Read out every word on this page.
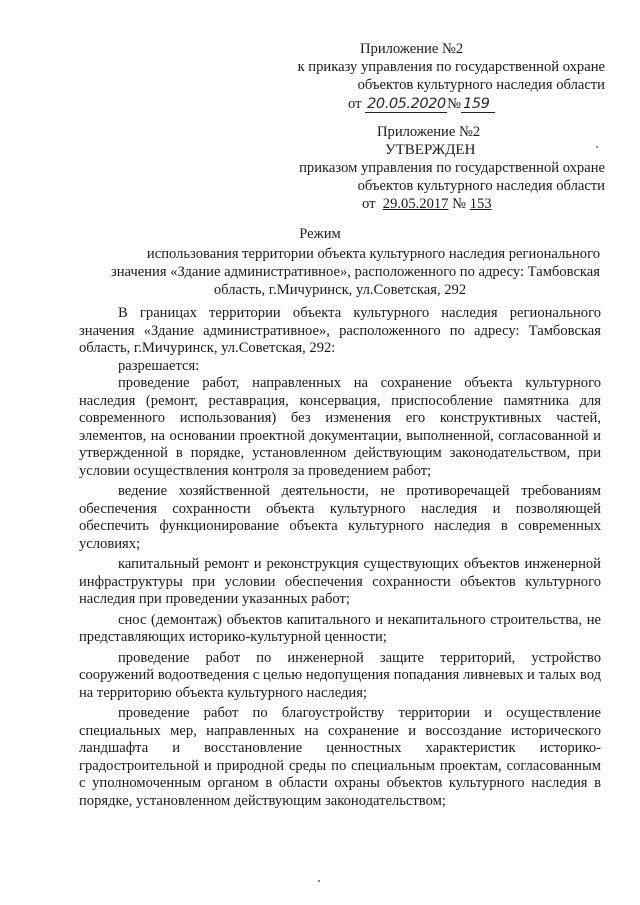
Приложение №2
к приказу управления по государственной охране
объектов культурного наследия области
от 20.05.2020№ 159
Приложение №2
УТВЕРЖДЕН
приказом управления по государственной охране
объектов культурного наследия области
от 29.05.2017 № 153
Режим
использования территории объекта культурного наследия регионального
значения «Здание административное», расположенного по адресу: Тамбовская
область, г.Мичуринск, ул.Советская, 292

В границах территории объекта культурного наследия регионального значения «Здание административное», расположенного по адресу: Тамбовская область, г.Мичуринск, ул.Советская, 292:

разрешается:

проведение работ, направленных на сохранение объекта культурного наследия (ремонт, реставрация, консервация, приспособление памятника для современного использования) без изменения его конструктивных частей, элементов, на основании проектной документации, выполненной, согласованной и утвержденной в порядке, установленном действующим законодательством, при условии осуществления контроля за проведением работ;

ведение хозяйственной деятельности, не противоречащей требованиям обеспечения сохранности объекта культурного наследия и позволяющей обеспечить функционирование объекта культурного наследия в современных условиях;

капитальный ремонт и реконструкция существующих объектов инженерной инфраструктуры при условии обеспечения сохранности объектов культурного наследия при проведении указанных работ;

снос (демонтаж) объектов капитального и некапитального строительства, не представляющих историко-культурной ценности;

проведение работ по инженерной защите территорий, устройство сооружений водоотведения с целью недопущения попадания ливневых и талых вод на территорию объекта культурного наследия;

проведение работ по благоустройству территории и осуществление специальных мер, направленных на сохранение и воссоздание исторического ландшафта и восстановление ценностных характеристик историко-градостроительной и природной среды по специальным проектам, согласованным с уполномоченным органом в области охраны объектов культурного наследия в порядке, установленном действующим законодательством;
